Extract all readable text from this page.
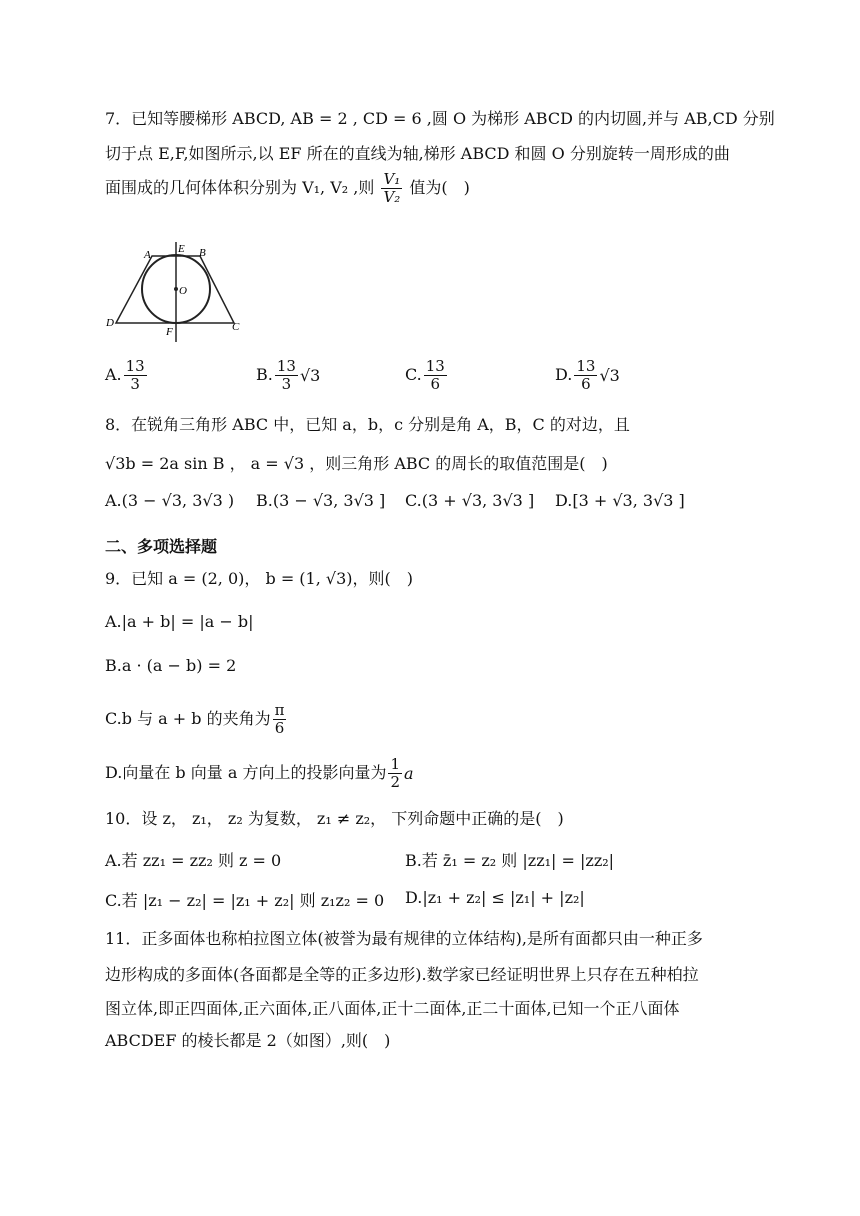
7．已知等腰梯形 ABCD, AB = 2 , CD = 6 ,圆 O 为梯形 ABCD 的内切圆,并与 AB,CD 分别
切于点 E,F,如图所示,以 EF 所在的直线为轴,梯形 ABCD 和圆 O 分别旋转一周形成的曲
面围成的几何体体积分别为 V₁, V₂ ,则 $\frac{\text{V₁}}{\text{V₂}}$ 值为(　)
A	B
E
O
D
F	C
A. $\frac{13}{3}$	B. $\frac{13}{3} √3$	C. $\frac{13}{6}$	D. $\frac{13}{6} √3$
8．在锐角三角形 ABC 中，已知 a，b，c 分别是角 A，B，C 的对边，且
√3b = 2a sin B ， a = √3 ，则三角形 ABC 的周长的取值范围是(　)
A.(3 − √3, 3√3 ) B.(3 − √3, 3√3 ] C.(3 + √3, 3√3 ] D.[3 + √3, 3√3 ]
二、多项选择题
9．已知 a = (2, 0)， b = (1, √3)，则(　)
A.|a + b| = |a − b|
B.a · (a − b) = 2
C.b 与 a + b 的夹角为 $\frac{\pi}{6}$
D.向量在 b 向量 a 方向上的投影向量为 $\frac{1}{2}$ a
10．设 z， z₁， z₂ 为复数， z₁ ≠ z₂， 下列命题中正确的是(　)
A.若 zz₁ = zz₂ 则 z = 0	B.若 z̄₁ = z₂ 则 |zz₁| = |zz₂|
C.若 |z₁ − z₂| = |z₁ + z₂| 则 z₁z₂ = 0 D.|z₁ + z₂| ≤ |z₁| + |z₂|
11．正多面体也称柏拉图立体(被誉为最有规律的立体结构),是所有面都只由一种正多
边形构成的多面体(各面都是全等的正多边形).数学家已经证明世界上只存在五种柏拉
图立体,即正四面体,正六面体,正八面体,正十二面体,正二十面体,已知一个正八面体
ABCDEF 的棱长都是 2（如图）,则(　)
